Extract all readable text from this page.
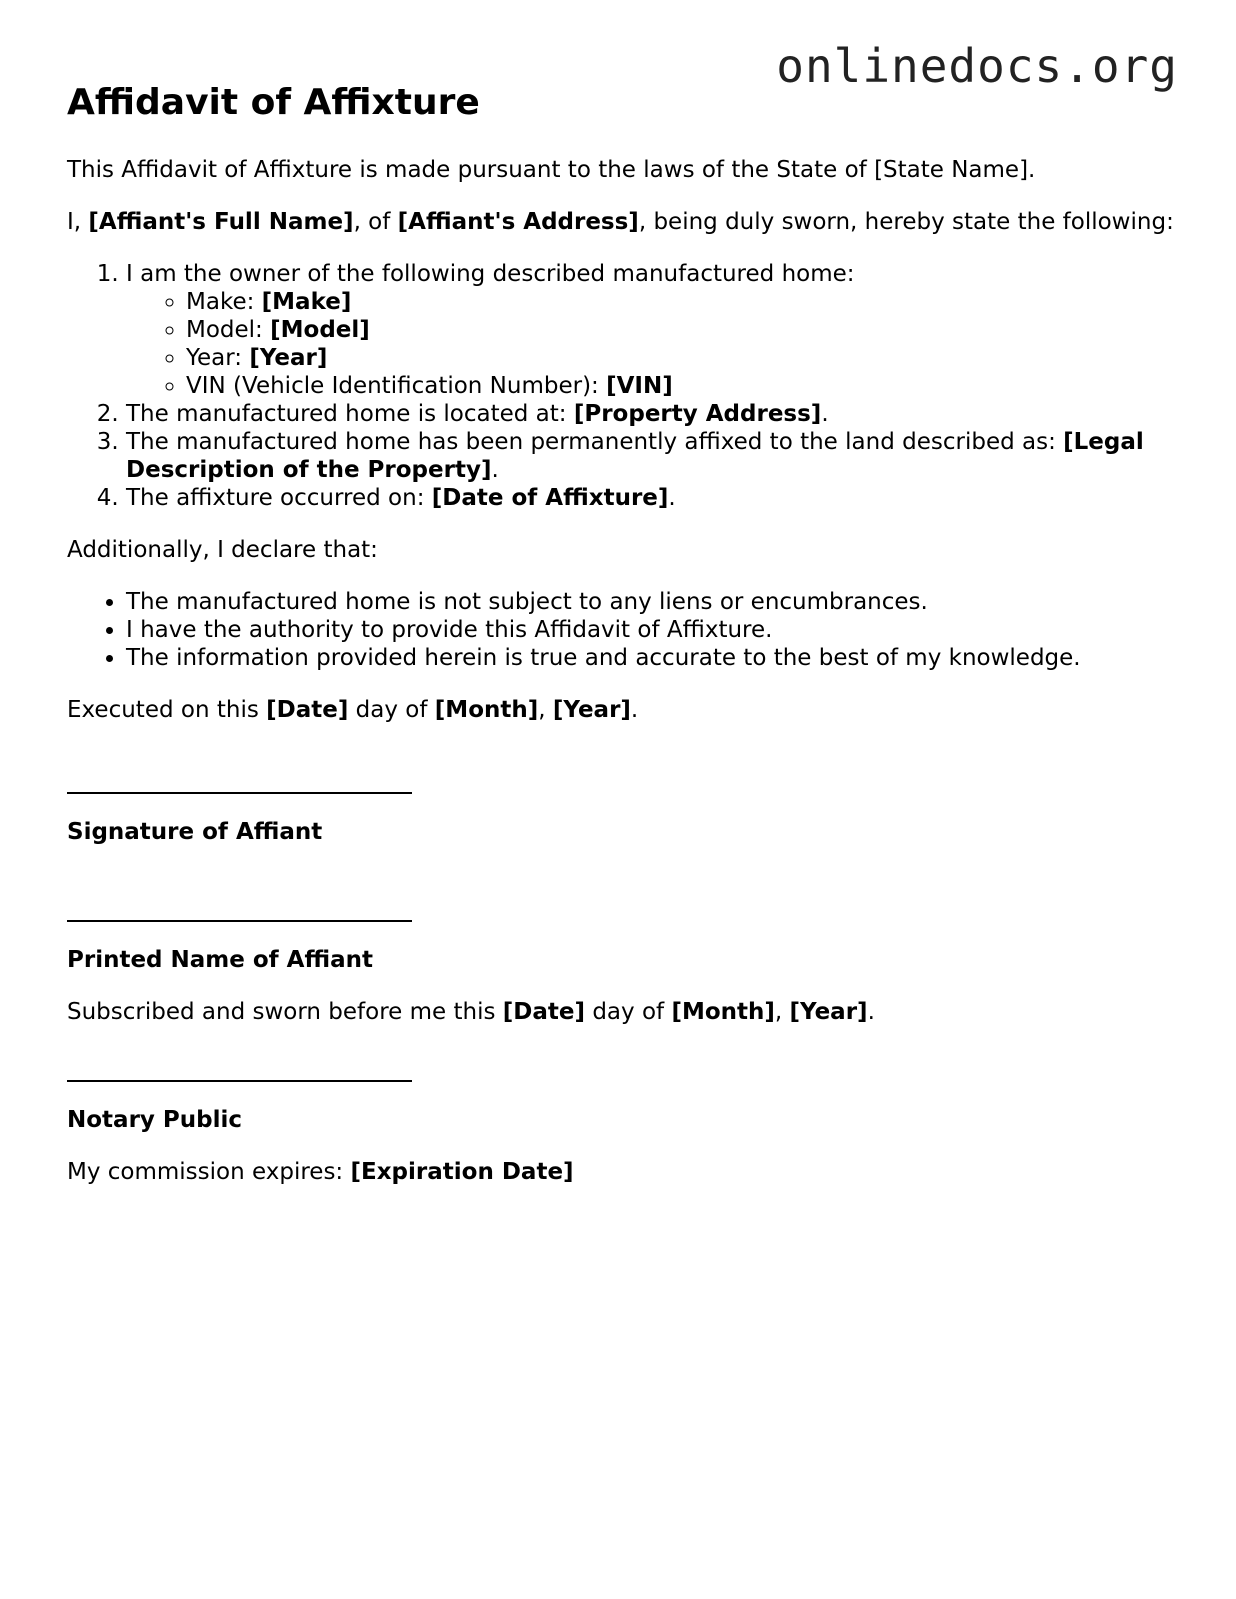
onlinedocs.org
Affidavit of Affixture

This Affidavit of Affixture is made pursuant to the laws of the State of [State Name].

I, [Affiant's Full Name], of [Affiant's Address], being duly sworn, hereby state the following:

1. I am the owner of the following described manufactured home:
◦ Make: [Make]
◦ Model: [Model]
◦ Year: [Year]
◦ VIN (Vehicle Identification Number): [VIN]
2. The manufactured home is located at: [Property Address].
3. The manufactured home has been permanently affixed to the land described as: [Legal Description of the Property].
4. The affixture occurred on: [Date of Affixture].

Additionally, I declare that:

• The manufactured home is not subject to any liens or encumbrances.
• I have the authority to provide this Affidavit of Affixture.
• The information provided herein is true and accurate to the best of my knowledge.

Executed on this [Date] day of [Month], [Year].

Signature of Affiant
Printed Name of Affiant

Subscribed and sworn before me this [Date] day of [Month], [Year].

Notary Public

My commission expires: [Expiration Date]
